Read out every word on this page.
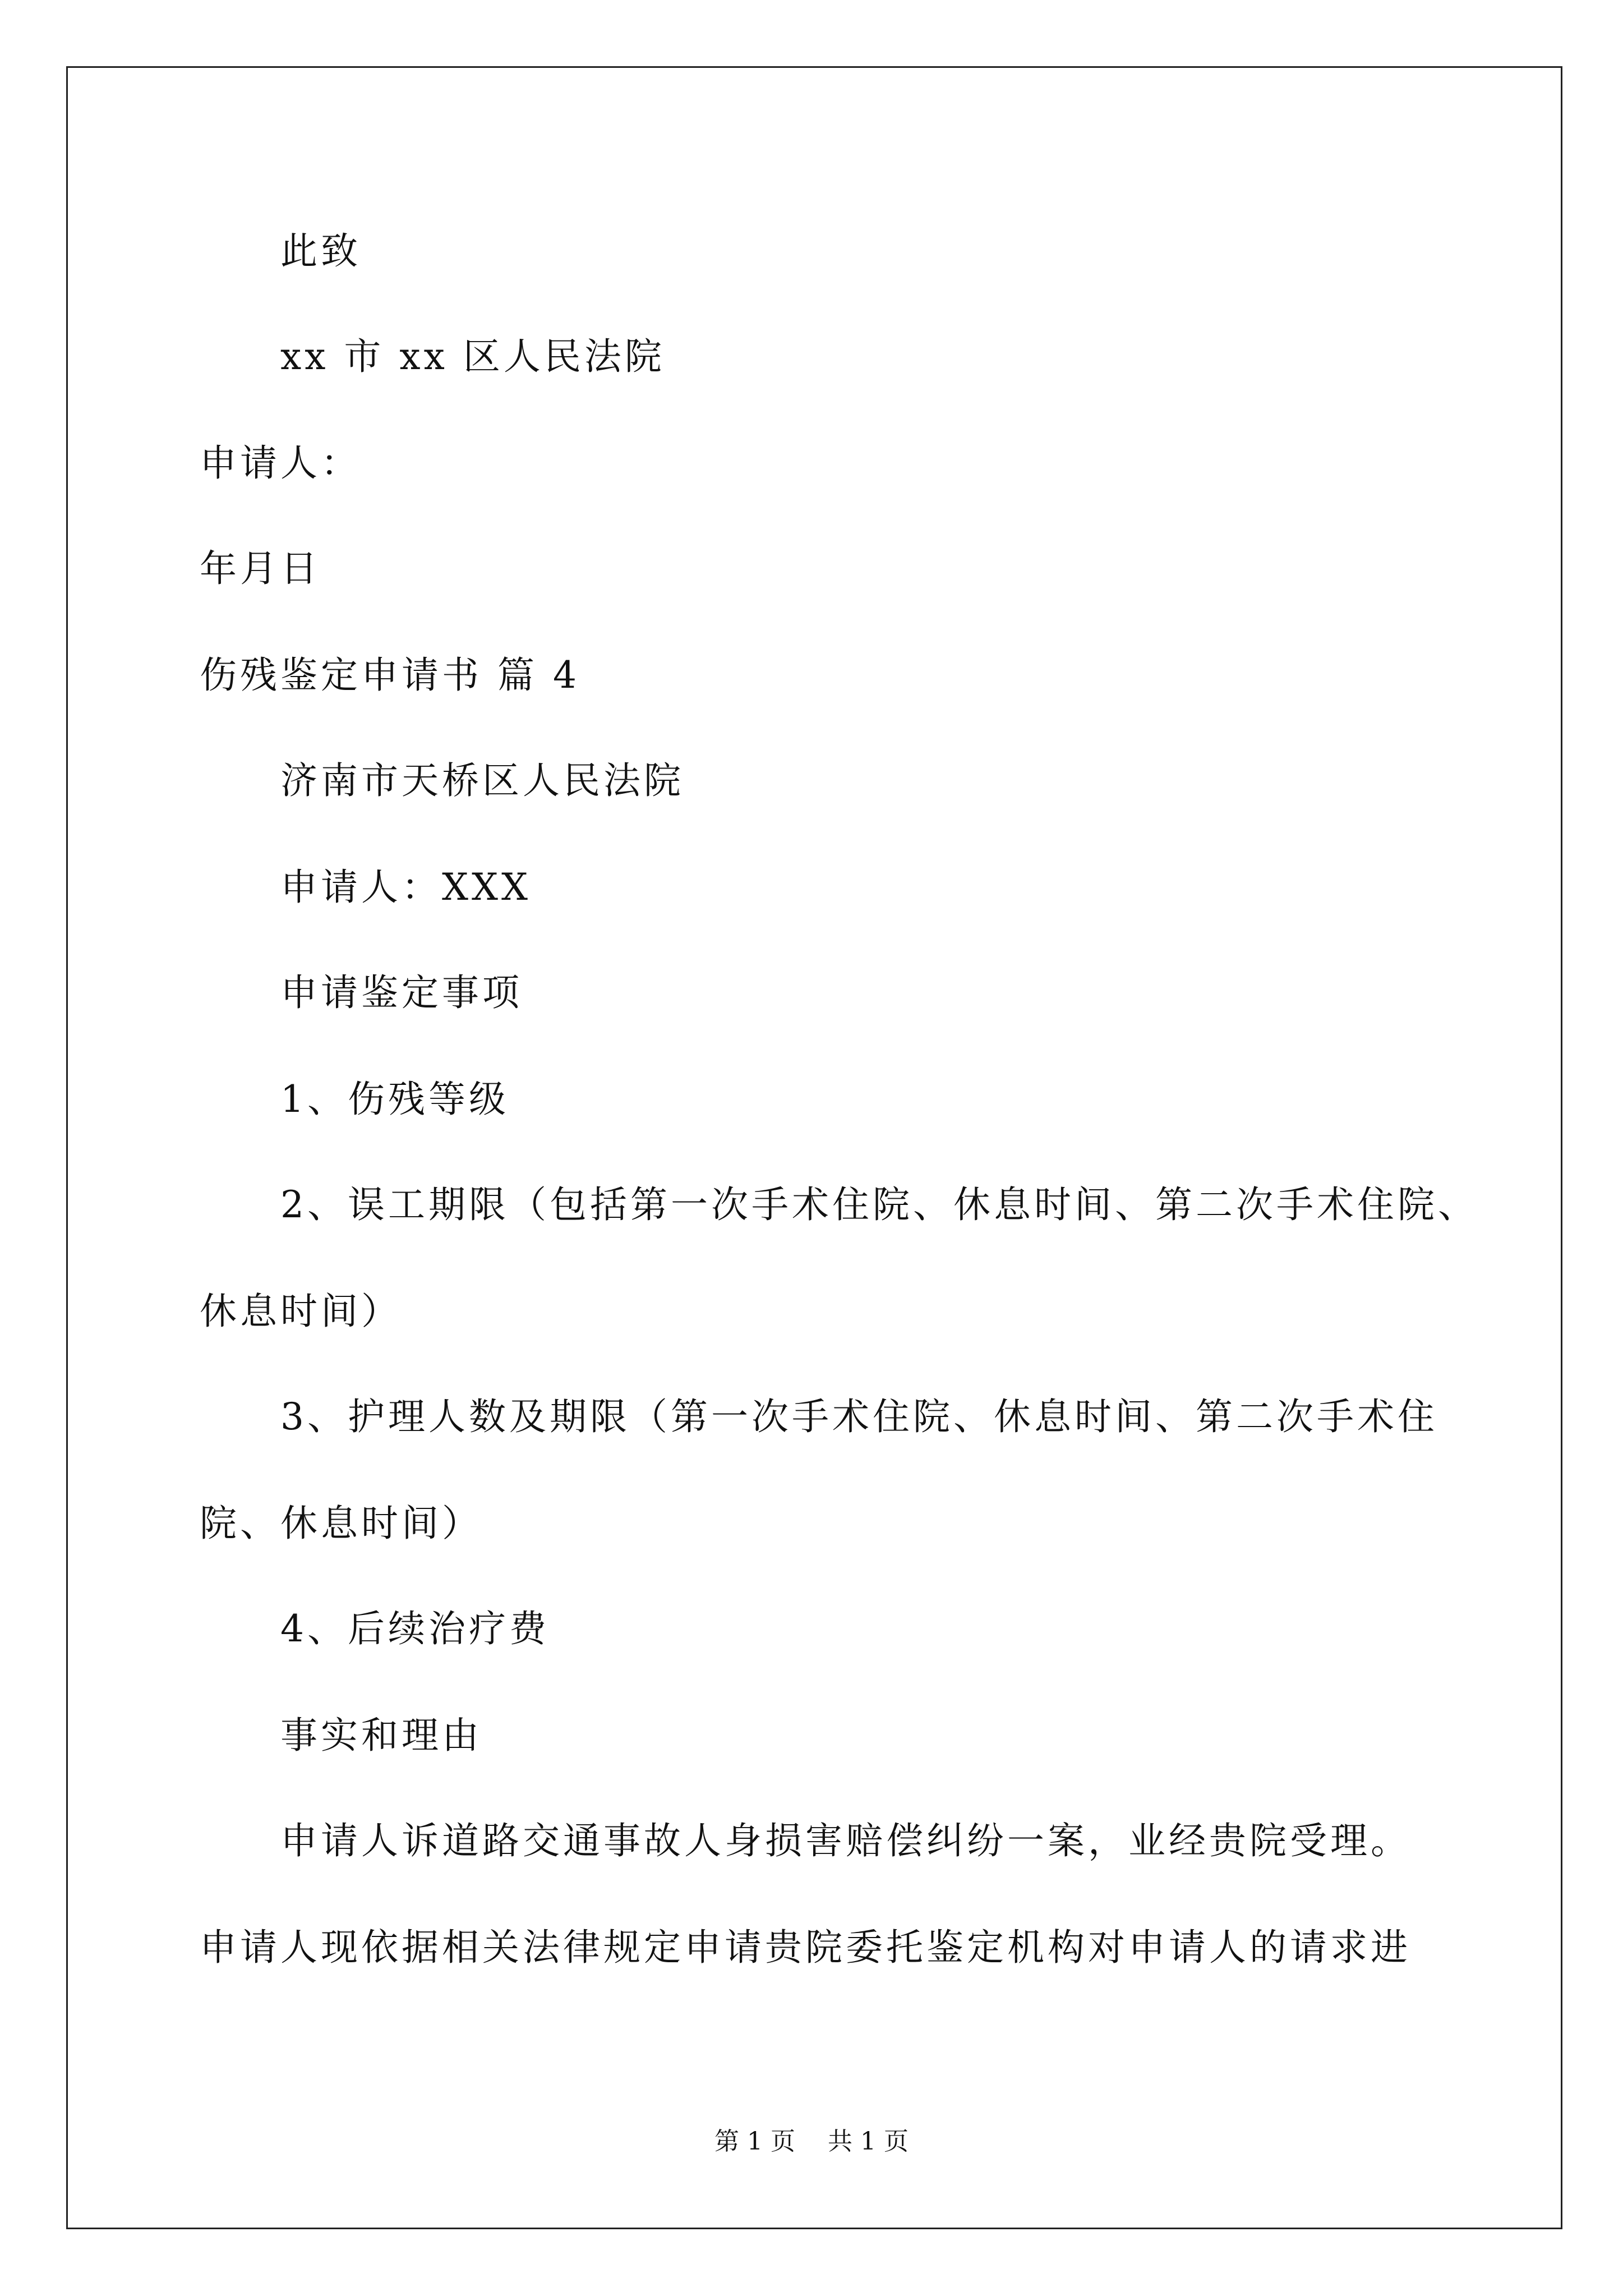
此致
xx 市 xx 区人民法院
申请人：
年月日
伤残鉴定申请书 篇 4
济南市天桥区人民法院
申请人：XXX
申请鉴定事项
1、伤残等级
2、误工期限（包括第一次手术住院、休息时间、第二次手术住院、
休息时间）
3、护理人数及期限（第一次手术住院、休息时间、第二次手术住
院、休息时间）
4、后续治疗费
事实和理由
申请人诉道路交通事故人身损害赔偿纠纷一案，业经贵院受理。
申请人现依据相关法律规定申请贵院委托鉴定机构对申请人的请求进
第 1 页 共 1 页
